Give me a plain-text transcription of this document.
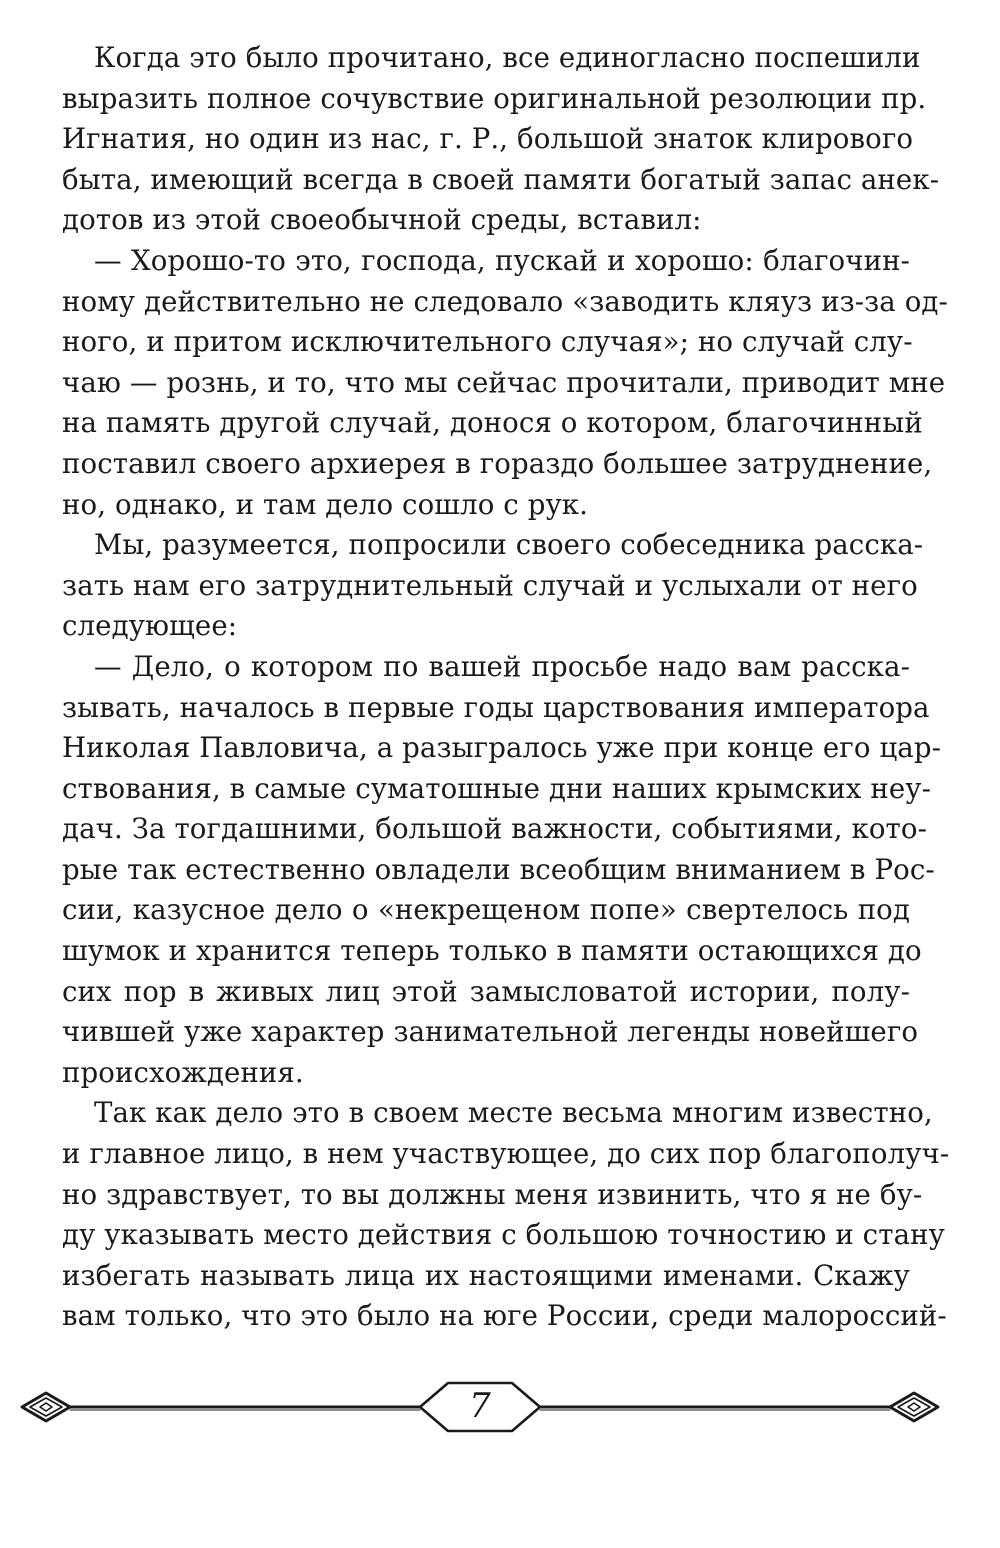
Когда это было прочитано, все единогласно поспешили
выразить полное сочувствие оригинальной резолюции пр.
Игнатия, но один из нас, г. Р., большой знаток клирового
быта, имеющий всегда в своей памяти богатый запас анек-
дотов из этой своеобычной среды, вставил:
— Хорошо-то это, господа, пускай и хорошо: благочин-
ному действительно не следовало «заводить кляуз из-за од-
ного, и притом исключительного случая»; но случай слу-
чаю — рознь, и то, что мы сейчас прочитали, приводит мне
на память другой случай, донося о котором, благочинный
поставил своего архиерея в гораздо большее затруднение,
но, однако, и там дело сошло с рук.
Мы, разумеется, попросили своего собеседника расска-
зать нам его затруднительный случай и услыхали от него
следующее:
— Дело, о котором по вашей просьбе надо вам расска-
зывать, началось в первые годы царствования императора
Николая Павловича, а разыгралось уже при конце его цар-
ствования, в самые суматошные дни наших крымских неу-
дач. За тогдашними, большой важности, событиями, кото-
рые так естественно овладели всеобщим вниманием в Рос-
сии, казусное дело о «некрещеном попе» свертелось под
шумок и хранится теперь только в памяти остающихся до
сих пор в живых лиц этой замысловатой истории, полу-
чившей уже характер занимательной легенды новейшего
происхождения.
Так как дело это в своем месте весьма многим известно,
и главное лицо, в нем участвующее, до сих пор благополуч-
но здравствует, то вы должны меня извинить, что я не бу-
ду указывать место действия с большою точностию и стану
избегать называть лица их настоящими именами. Скажу
вам только, что это было на юге России, среди малороссий-
7
